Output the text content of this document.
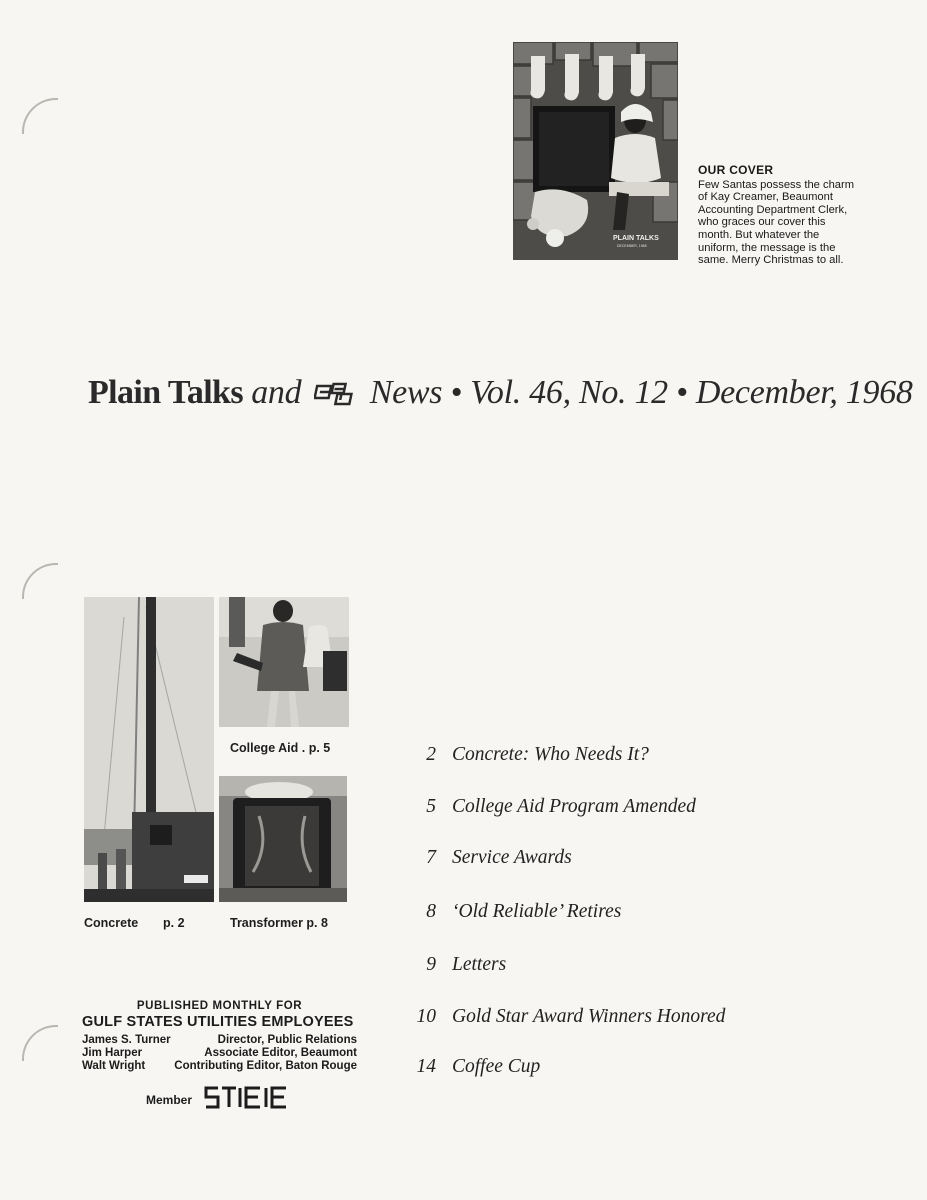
PLAIN TALKS
DECEMBER, 1968
OUR COVER
Few Santas possess the charm
of Kay Creamer, Beaumont
Accounting Department Clerk,
who graces our cover this
month. But whatever the
uniform, the message is the
same. Merry Christmas to all.
Plain Talks and News • Vol. 46, No. 12 • December, 1968
College Aid . p. 5
Concrete p. 2	Transformer p. 8
2 Concrete: Who Needs It?
5 College Aid Program Amended
7 Service Awards
8 ‘Old Reliable’ Retires
9 Letters
10 Gold Star Award Winners Honored
14 Coffee Cup
PUBLISHED MONTHLY FOR
GULF STATES UTILITIES EMPLOYEES
James S. Turner	Director, Public Relations
Jim Harper	Associate Editor, Beaumont
Walt Wright	Contributing Editor, Baton Rouge
Member
